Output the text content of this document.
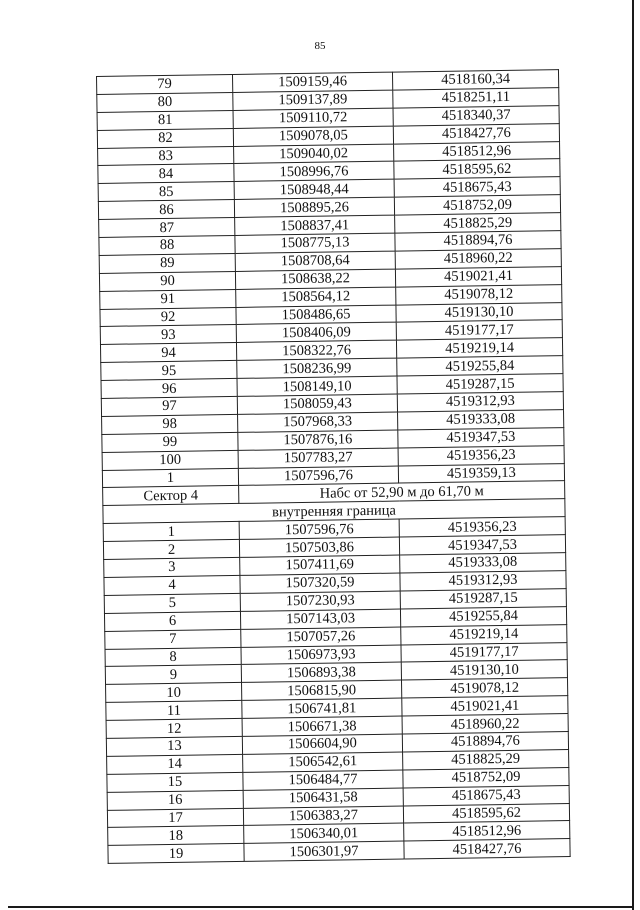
85
79	1509159,46	4518160,34
80	1509137,89	4518251,11
81	1509110,72	4518340,37
82	1509078,05	4518427,76
83	1509040,02	4518512,96
84	1508996,76	4518595,62
85	1508948,44	4518675,43
86	1508895,26	4518752,09
87	1508837,41	4518825,29
88	1508775,13	4518894,76
89	1508708,64	4518960,22
90	1508638,22	4519021,41
91	1508564,12	4519078,12
92	1508486,65	4519130,10
93	1508406,09	4519177,17
94	1508322,76	4519219,14
95	1508236,99	4519255,84
96	1508149,10	4519287,15
97	1508059,43	4519312,93
98	1507968,33	4519333,08
99	1507876,16	4519347,53
100	1507783,27	4519356,23
1	1507596,76	4519359,13
Сектор 4	Набс от 52,90 м до 61,70 м	
внутренняя граница		
1	1507596,76	4519356,23
2	1507503,86	4519347,53
3	1507411,69	4519333,08
4	1507320,59	4519312,93
5	1507230,93	4519287,15
6	1507143,03	4519255,84
7	1507057,26	4519219,14
8	1506973,93	4519177,17
9	1506893,38	4519130,10
10	1506815,90	4519078,12
11	1506741,81	4519021,41
12	1506671,38	4518960,22
13	1506604,90	4518894,76
14	1506542,61	4518825,29
15	1506484,77	4518752,09
16	1506431,58	4518675,43
17	1506383,27	4518595,62
18	1506340,01	4518512,96
19	1506301,97	4518427,76
